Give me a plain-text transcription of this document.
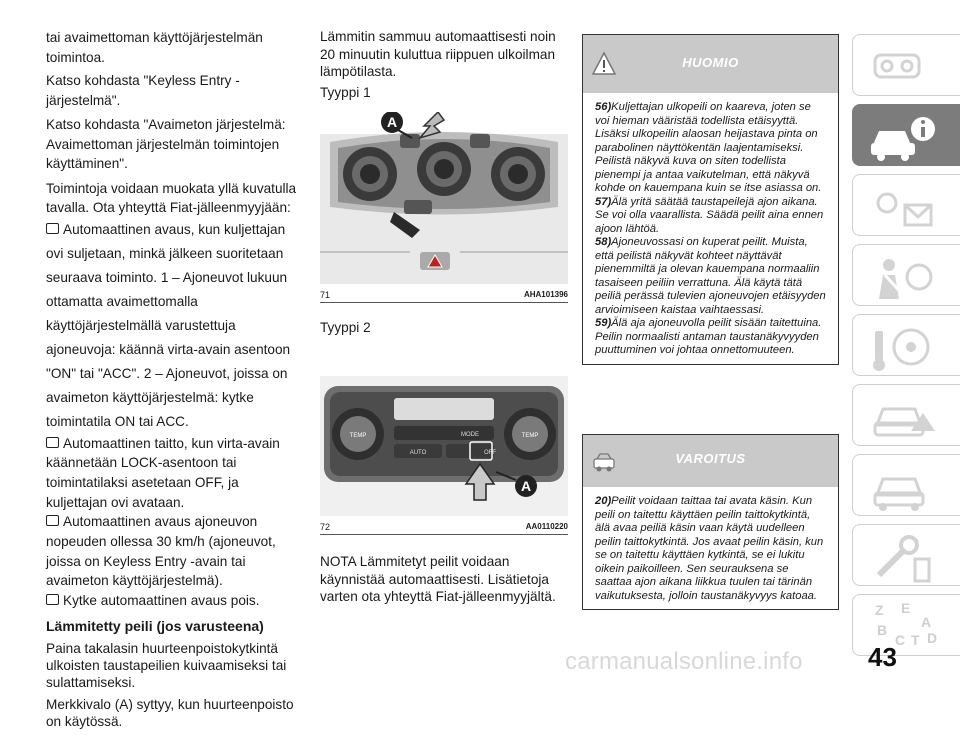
tai avaimettoman käyttöjärjestelmän toimintoa.

Katso kohdasta "Keyless Entry -järjestelmä".

Katso kohdasta "Avaimeton järjestelmä: Avaimettoman järjestelmän toimintojen käyttäminen".

Toimintoja voidaan muokata yllä kuvatulla tavalla. Ota yhteyttä Fiat-jälleenmyyjään:

Automaattinen avaus, kun kuljettajan ovi suljetaan, minkä jälkeen suoritetaan seuraava toiminto. 1 – Ajoneuvot lukuun ottamatta avaimettomalla käyttöjärjestelmällä varustettuja ajoneuvoja: käännä virta-avain asentoon "ON" tai "ACC". 2 – Ajoneuvot, joissa on avaimeton käyttöjärjestelmä: kytke toimintatila ON tai ACC.

Automaattinen taitto, kun virta-avain käännetään LOCK-asentoon tai toimintatilaksi asetetaan OFF, ja kuljettajan ovi avataan.

Automaattinen avaus ajoneuvon nopeuden ollessa 30 km/h (ajoneuvot, joissa on Keyless Entry -avain tai avaimeton käyttöjärjestelmä).

Kytke automaattinen avaus pois.

Lämmitetty peili (jos varusteena)

Paina takalasin huurteenpoistokytkintä ulkoisten taustapeilien kuivaamiseksi tai sulattamiseksi.

Merkkivalo (A) syttyy, kun huurteenpoisto on käytössä.

Lämmitin sammuu automaattisesti noin 20 minuutin kuluttua riippuen ulkoilman lämpötilasta.

Tyyppi 1

A
71	AHA101396
Tyyppi 2
TEMP	TEMP
AUTO
MODE
OFF
A
72	AA0110220
NOTA Lämmitetyt peilit voidaan käynnistää automaattisesti. Lisätietoja varten ota yhteyttä Fiat-jälleenmyyjältä.
HUOMIO

56)Kuljettajan ulkopeili on kaareva, joten se voi hieman vääristää todellista etäisyyttä. Lisäksi ulkopeilin alaosan heijastava pinta on parabolinen näyttökentän laajentamiseksi. Peilistä näkyvä kuva on siten todellista pienempi ja antaa vaikutelman, että näkyvä kohde on kauempana kuin se itse asiassa on.

57)Älä yritä säätää taustapeilejä ajon aikana. Se voi olla vaarallista. Säädä peilit aina ennen ajoon lähtöä.

58)Ajoneuvossasi on kuperat peilit. Muista, että peilistä näkyvät kohteet näyttävät pienemmiltä ja olevan kauempana normaaliin tasaiseen peiliin verrattuna. Älä käytä tätä peiliä perässä tulevien ajoneuvojen etäisyyden arvioimiseen kaistaa vaihtaessasi.

59)Älä aja ajoneuvolla peilit sisään taitettuina. Peilin normaalisti antaman taustanäkyvyyden puuttuminen voi johtaa onnettomuuteen.

VAROITUS

20)Peilit voidaan taittaa tai avata käsin. Kun peili on taitettu käyttäen peilin taittokytkintä, älä avaa peiliä käsin vaan käytä uudelleen peilin taittokytkintä. Jos avaat peilin käsin, kun se on taitettu käyttäen kytkintä, se ei lukitu oikein paikoilleen. Sen seurauksena se saattaa ajon aikana liikkua tuulen tai tärinän vaikutuksesta, jolloin taustanäkyvyys katoaa.

Z E
A
B
C T D
43
carmanualsonline.info
